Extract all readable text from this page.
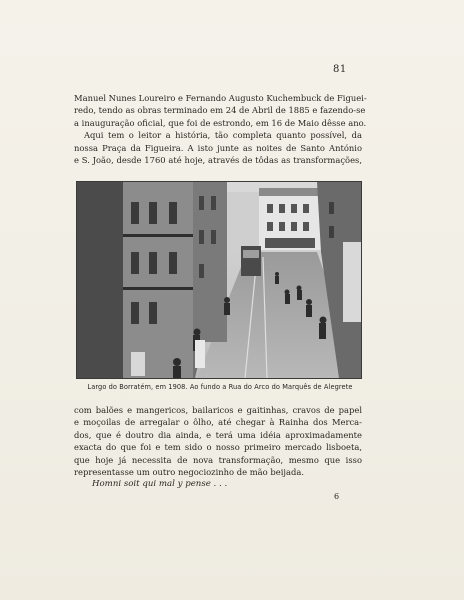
81
Manuel Nunes Loureiro e Fernando Augusto Kuchembuck de Figuei-
redo, tendo as obras terminado em 24 de Abril de 1885 e fazendo-se
a inauguração oficial, que foi de estrondo, em 16 de Maio dêsse ano.
Aqui tem o leitor a história, tão completa quanto possível, da
nossa Praça da Figueira. A isto junte as noites de Santo António
e S. João, desde 1760 até hoje, através de tôdas as transformações,
Largo do Borratém, em 1908. Ao fundo a Rua do Arco do Marquês de Alegrete
com balões e mangericos, bailaricos e gaitinhas, cravos de papel
e moçoilas de arregalar o ôlho, até chegar à Rainha dos Merca-
dos, que é doutro dia ainda, e terá uma idéia aproximadamente
exacta do que foi e tem sido o nosso primeiro mercado lisboeta,
que hoje já necessita de nova transformação, mesmo que isso
representasse um outro negociozinho de mão beijada.
Homni soit qui mal y pense . . .
6
